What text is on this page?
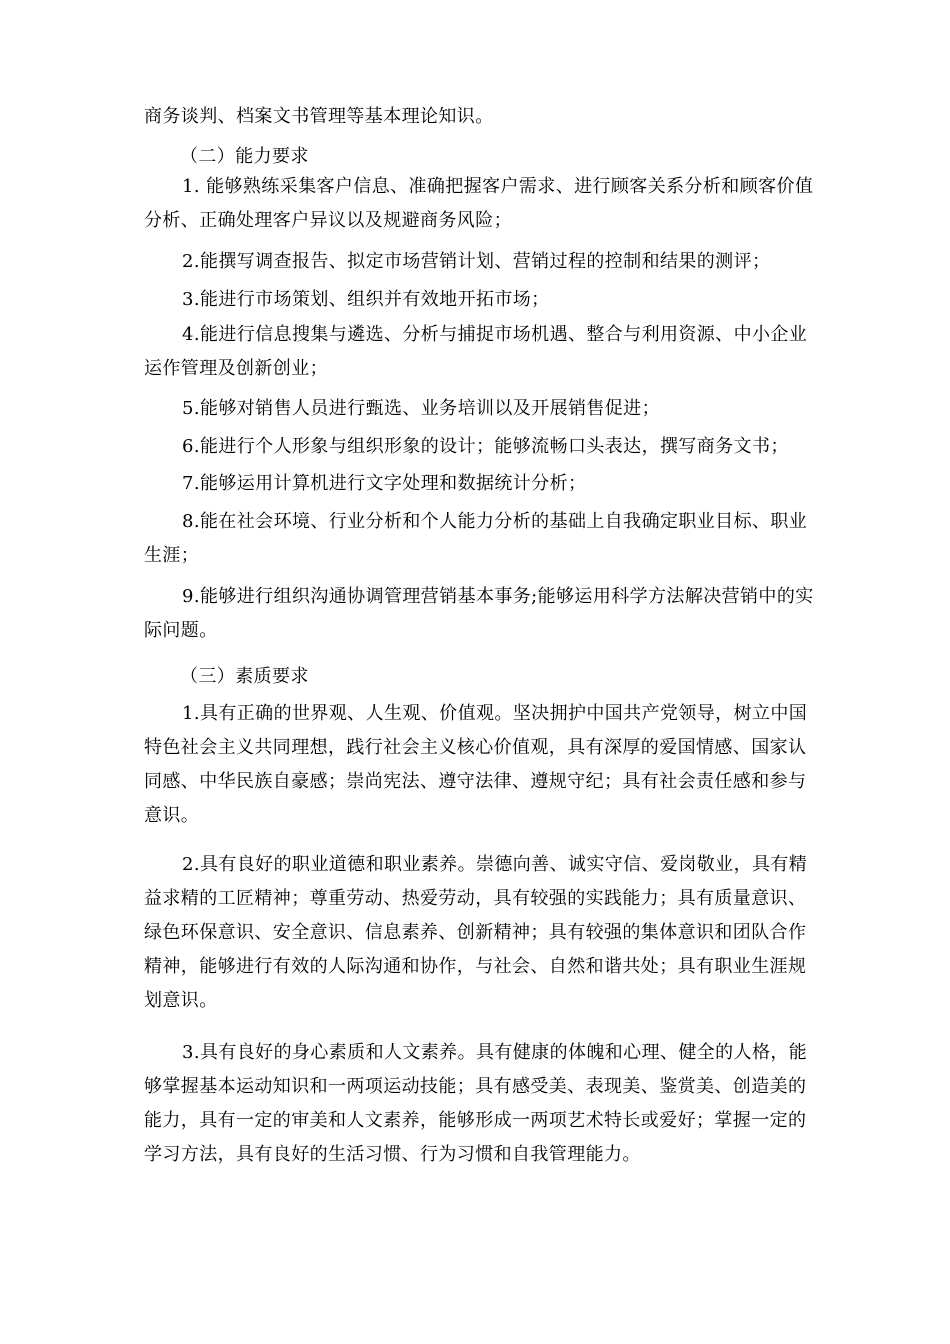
商务谈判、档案文书管理等基本理论知识。

（二）能力要求

1. 能够熟练采集客户信息、准确把握客户需求、进行顾客关系分析和顾客价值分析、正确处理客户异议以及规避商务风险；

2.能撰写调查报告、拟定市场营销计划、营销过程的控制和结果的测评；

3.能进行市场策划、组织并有效地开拓市场；

4.能进行信息搜集与遴选、分析与捕捉市场机遇、整合与利用资源、中小企业运作管理及创新创业；

5.能够对销售人员进行甄选、业务培训以及开展销售促进；

6.能进行个人形象与组织形象的设计；能够流畅口头表达，撰写商务文书；

7.能够运用计算机进行文字处理和数据统计分析；

8.能在社会环境、行业分析和个人能力分析的基础上自我确定职业目标、职业生涯；

9.能够进行组织沟通协调管理营销基本事务;能够运用科学方法解决营销中的实际问题。

（三）素质要求

1.具有正确的世界观、人生观、价值观。坚决拥护中国共产党领导，树立中国特色社会主义共同理想，践行社会主义核心价值观，具有深厚的爱国情感、国家认同感、中华民族自豪感；崇尚宪法、遵守法律、遵规守纪；具有社会责任感和参与意识。

2.具有良好的职业道德和职业素养。崇德向善、诚实守信、爱岗敬业，具有精益求精的工匠精神；尊重劳动、热爱劳动，具有较强的实践能力；具有质量意识、绿色环保意识、安全意识、信息素养、创新精神；具有较强的集体意识和团队合作精神，能够进行有效的人际沟通和协作，与社会、自然和谐共处；具有职业生涯规划意识。

3.具有良好的身心素质和人文素养。具有健康的体魄和心理、健全的人格，能够掌握基本运动知识和一两项运动技能；具有感受美、表现美、鉴赏美、创造美的能力，具有一定的审美和人文素养，能够形成一两项艺术特长或爱好；掌握一定的学习方法，具有良好的生活习惯、行为习惯和自我管理能力。
